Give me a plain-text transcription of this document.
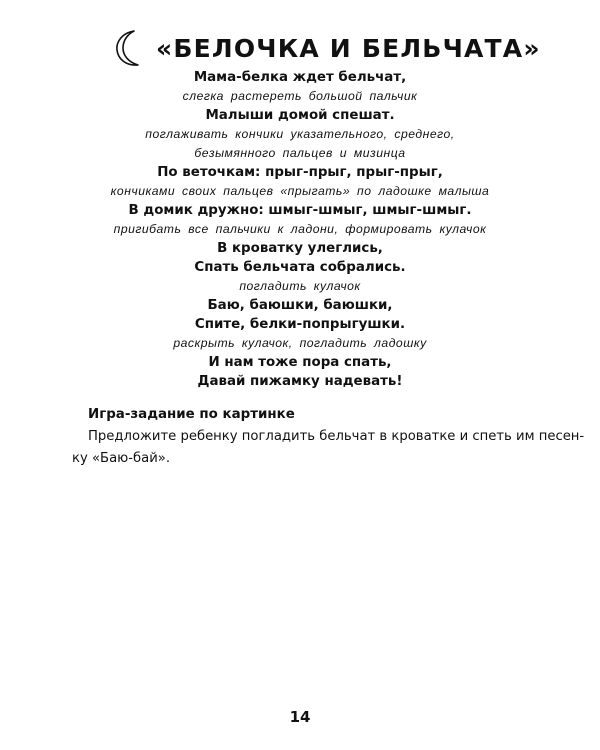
«БЕЛОЧКА И БЕЛЬЧАТА»
Мама-белка ждет бельчат,
слегка растереть большой пальчик
Малыши домой спешат.
поглаживать кончики указательного, среднего,
безымянного пальцев и мизинца
По веточкам: прыг-прыг, прыг-прыг,
кончиками своих пальцев «прыгать» по ладошке малыша
В домик дружно: шмыг-шмыг, шмыг-шмыг.
пригибать все пальчики к ладони, формировать кулачок
В кроватку улеглись,
Спать бельчата собрались.
погладить кулачок
Баю, баюшки, баюшки,
Спите, белки-попрыгушки.
раскрыть кулачок, погладить ладошку
И нам тоже пора спать,
Давай пижамку надевать!
Игра-задание по картинке
Предложите ребенку погладить бельчат в кроватке и спеть им песен-
ку «Баю-бай».
14
